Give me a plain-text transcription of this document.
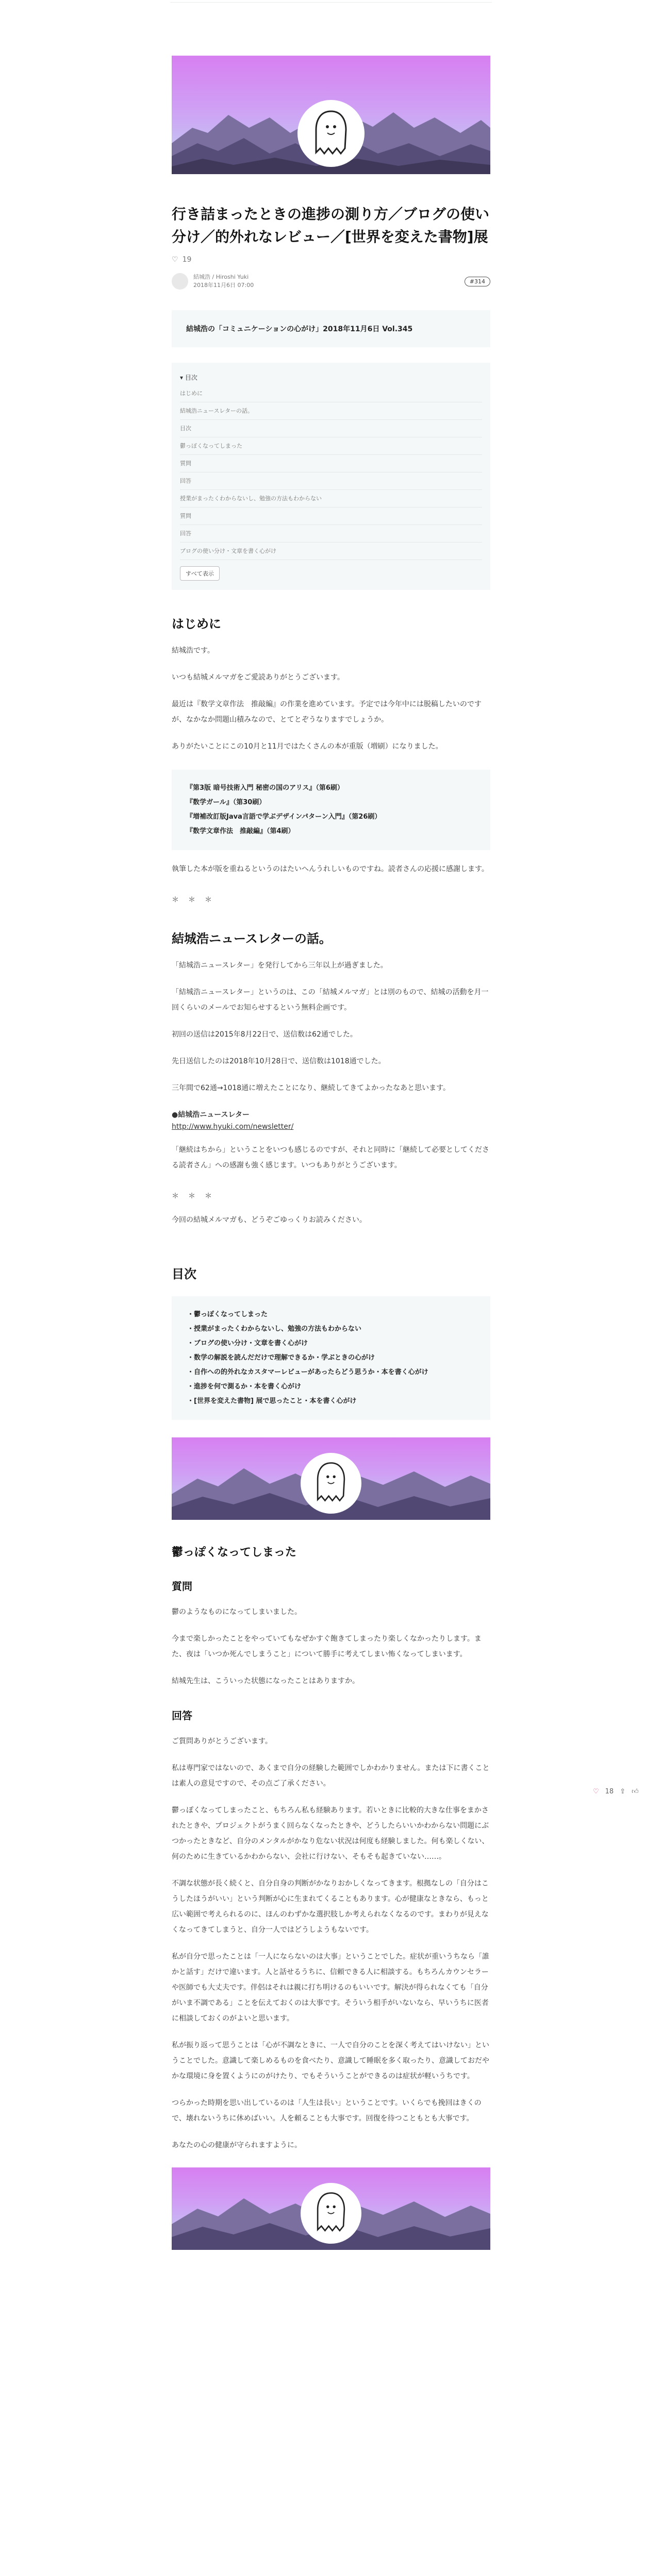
行き詰まったときの進捗の測り方／ブログの使い分け／的外れなレビュー／[世界を変えた書物]展
♡ 19
結城浩 / Hiroshi Yuki
2018年11月6日 07:00
#314
結城浩の「コミュニケーションの心がけ」2018年11月6日 Vol.345
▾ 目次
はじめに
結城浩ニュースレターの話。
目次
鬱っぽくなってしまった
質問
回答
授業がまったくわからないし、勉強の方法もわからない
質問
回答
ブログの使い分け・文章を書く心がけ
すべて表示
はじめに

結城浩です。

いつも結城メルマガをご愛読ありがとうございます。

最近は『数学文章作法　推敲編』の作業を進めています。予定では今年中には脱稿したいのですが、なかなか問題山積みなので、とてとぞうなりますでしょうか。

ありがたいことにこの10月と11月ではたくさんの本が重版（増刷）になりました。

『第3版 暗号技術入門 秘密の国のアリス』（第6刷）
『数学ガール』（第30刷）
『増補改訂版Java言語で学ぶデザインパターン入門』（第26刷）
『数学文章作法　推敲編』（第4刷）

執筆した本が版を重ねるというのはたいへんうれしいものですね。読者さんの応援に感謝します。

＊＊＊
結城浩ニュースレターの話。

「結城浩ニュースレター」を発行してから三年以上が過ぎました。

「結城浩ニュースレター」というのは、この「結城メルマガ」とは別のもので、結城の活動を月一回くらいのメールでお知らせするという無料企画です。

初回の送信は2015年8月22日で、送信数は62通でした。

先日送信したのは2018年10月28日で、送信数は1018通でした。

三年間で62通→1018通に増えたことになり、継続してきてよかったなあと思います。

●結城浩ニュースレター

http://www.hyuki.com/newsletter/

「継続はちから」ということをいつも感じるのですが、それと同時に「継続して必要としてくださる読者さん」への感謝も強く感じます。いつもありがとうございます。

＊＊＊

今回の結城メルマガも、どうぞごゆっくりお読みください。

目次
・鬱っぽくなってしまった
・授業がまったくわからないし、勉強の方法もわからない
・ブログの使い分け・文章を書く心がけ
・数学の解説を読んだだけで理解できるか・学ぶときの心がけ
・自作への的外れなカスタマーレビューがあったらどう思うか・本を書く心がけ
・進捗を何で測るか・本を書く心がけ
・[世界を変えた書物] 展で思ったこと・本を書く心がけ
鬱っぽくなってしまった
質問

鬱のようなものになってしまいました。

今まで楽しかったことをやっていてもなぜかすぐ飽きてしまったり楽しくなかったりします。また、夜は「いつか死んでしまうこと」について勝手に考えてしまい怖くなってしまいます。

結城先生は、こういった状態になったことはありますか。

回答

ご質問ありがとうございます。

私は専門家ではないので、あくまで自分の経験した範囲でしかわかりません。または下に書くことは素人の意見ですので、その点ご了承ください。

鬱っぽくなってしまったこと、もちろん私も経験あります。若いときに比較的大きな仕事をまかされたときや、プロジェクトがうまく回らなくなったときや、どうしたらいいかわからない問題にぶつかったときなど、自分のメンタルがかなり危ない状況は何度も経験しました。何も楽しくない、何のために生きているかわからない、会社に行けない、そもそも起きていない……。

不調な状態が長く続くと、自分自身の判断がかなりおかしくなってきます。根拠なしの「自分はこうしたほうがいい」という判断が心に生まれてくることもあります。心が健康なときなら、もっと広い範囲で考えられるのに、ほんのわずかな選択肢しか考えられなくなるのです。まわりが見えなくなってきてしまうと、自分一人ではどうしようもないです。

私が自分で思ったことは「一人にならないのは大事」ということでした。症状が重いうちなら「誰かと話す」だけで違います。人と話せるうちに、信頼できる人に相談する。もちろんカウンセラーや医師でも大丈夫です。伴侶はそれは親に打ち明けるのもいいです。解決が得られなくても「自分がいま不調である」ことを伝えておくのは大事です。そういう相手がいないなら、早いうちに医者に相談しておくのがよいと思います。

私が振り返って思うことは「心が不調なときに、一人で自分のことを深く考えてはいけない」ということでした。意識して楽しめるものを食べたり、意識して睡眠を多く取ったり、意識しておだやかな環境に身を置くようにのがけたり、でもそういうことができるのは症状が軽いうちです。

つらかった時期を思い出しているのは「人生は長い」ということです。いくらでも挽回はきくので、壊れないうちに休めばいい。人を頼ることも大事です。回復を待つこともとも大事です。

あなたの心の健康が守られますように。

♡ 18 ⇪ 👍︎
